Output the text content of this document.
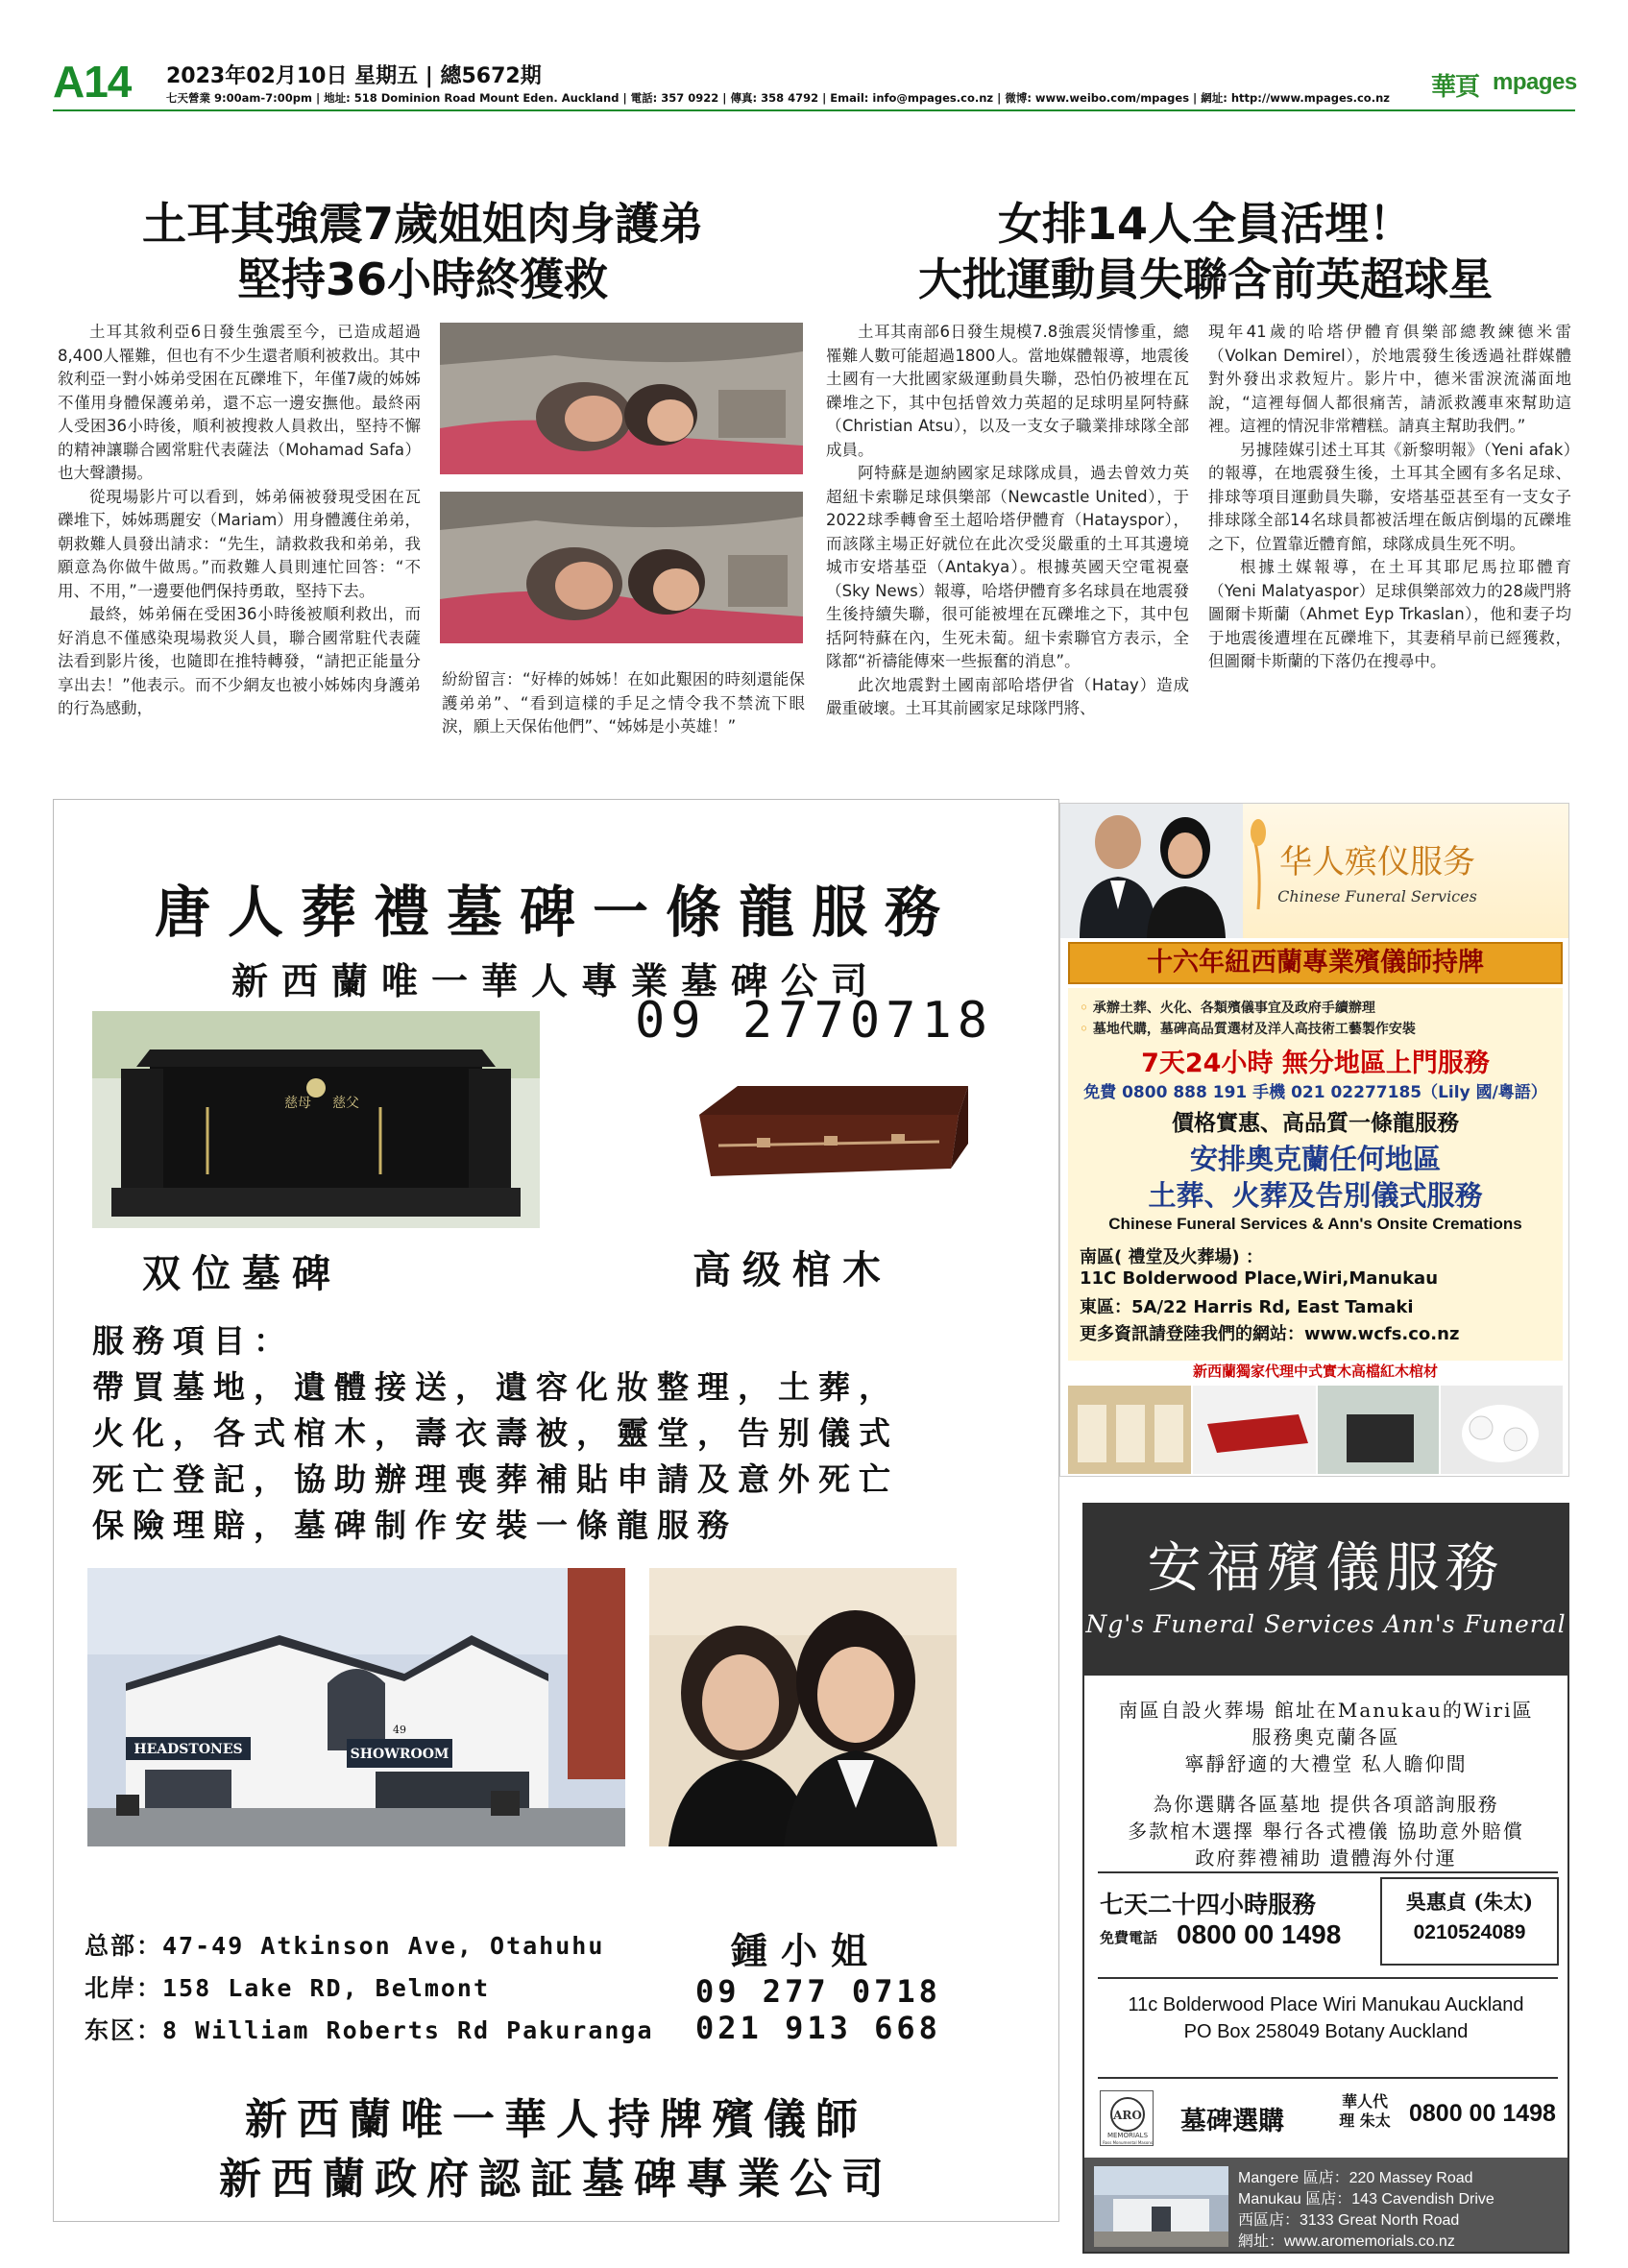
A14 2023年02月10日 星期五 | 總5672期
七天營業 9:00am-7:00pm | 地址: 518 Dominion Road Mount Eden. Auckland | 電話: 357 0922 | 傳真: 358 4792 | Email: info@mpages.co.nz | 微博: www.weibo.com/mpages | 網址: http://www.mpages.co.nz 華頁 mpages
土耳其強震7歲姐姐肉身護弟
堅持36小時終獲救

土耳其敘利亞6日發生強震至今，已造成超過8,400人罹難，但也有不少生還者順利被救出。其中敘利亞一對小姊弟受困在瓦礫堆下，年僅7歲的姊姊不僅用身體保護弟弟，還不忘一邊安撫他。最終兩人受困36小時後，順利被搜救人員救出，堅持不懈的精神讓聯合國常駐代表薩法（Mohamad Safa）也大聲讚揚。

從現場影片可以看到，姊弟倆被發現受困在瓦礫堆下，姊姊瑪麗安（Mariam）用身體護住弟弟，朝救難人員發出請求：“先生，請救救我和弟弟，我願意為你做牛做馬。”而救難人員則連忙回答：“不用、不用，”一邊要他們保持勇敢，堅持下去。

最終，姊弟倆在受困36小時後被順利救出，而好消息不僅感染現場救災人員，聯合國常駐代表薩法看到影片後，也隨即在推特轉發，“請把正能量分享出去！”他表示。而不少網友也被小姊姊肉身護弟的行為感動，

紛紛留言：“好棒的姊姊！在如此艱困的時刻還能保護弟弟”、“看到這樣的手足之情令我不禁流下眼淚，願上天保佑他們”、“姊姊是小英雄！”

女排14人全員活埋！
大批運動員失聯含前英超球星

土耳其南部6日發生規模7.8強震災情慘重，總罹難人數可能超過1800人。當地媒體報導，地震後土國有一大批國家級運動員失聯，恐怕仍被埋在瓦礫堆之下，其中包括曾效力英超的足球明星阿特蘇（Christian Atsu），以及一支女子職業排球隊全部成員。

阿特蘇是迦納國家足球隊成員，過去曾效力英超紐卡索聯足球俱樂部（Newcastle United），于2022球季轉會至土超哈塔伊體育（Hatayspor），而該隊主場正好就位在此次受災嚴重的土耳其邊境城市安塔基亞（Antakya）。根據英國天空電視臺（Sky News）報導，哈塔伊體育多名球員在地震發生後持續失聯，很可能被埋在瓦礫堆之下，其中包括阿特蘇在內，生死未蔔。紐卡索聯官方表示，全隊都“祈禱能傳來一些振奮的消息”。

此次地震對土國南部哈塔伊省（Hatay）造成嚴重破壞。土耳其前國家足球隊門將、

現年41歲的哈塔伊體育俱樂部總教練德米雷（Volkan Demirel），於地震發生後透過社群媒體對外發出求救短片。影片中，德米雷淚流滿面地說，“這裡每個人都很痛苦，請派救護車來幫助這裡。這裡的情況非常糟糕。請真主幫助我們。”

另據陸媒引述土耳其《新黎明報》（Yeni afak）的報導，在地震發生後，土耳其全國有多名足球、排球等項目運動員失聯，安塔基亞甚至有一支女子排球隊全部14名球員都被活埋在飯店倒塌的瓦礫堆之下，位置靠近體育館，球隊成員生死不明。

根據土媒報導，在土耳其耶尼馬拉耶體育（Yeni Malatyaspor）足球俱樂部效力的28歲門將圖爾卡斯蘭（Ahmet Eyp Trkaslan），他和妻子均于地震後遭埋在瓦礫堆下，其妻稍早前已經獲救，但圖爾卡斯蘭的下落仍在搜尋中。

唐人葬禮墓碑一條龍服務
新西蘭唯一華人專業墓碑公司
慈母 慈父
09 2770718
双位墓碑	高级棺木
服務項目：
帶買墓地，遺體接送，遺容化妝整理，土葬，
火化，各式棺木，壽衣壽被，靈堂，告别儀式
死亡登記，協助辦理喪葬補貼申請及意外死亡
保險理賠，墓碑制作安裝一條龍服務
HEADSTONES	SHOWROOM
49
总部：47-49 Atkinson Ave, Otahuhu
北岸：158 Lake RD, Belmont
东区：8 William Roberts Rd Pakuranga
鍾小姐
09 277 0718
021 913 668
新西蘭唯一華人持牌殯儀師
新西蘭政府認証墓碑專業公司
华人殡仪服务
Chinese Funeral Services
十六年紐西蘭專業殯儀師持牌
◦ 承辦土葬、火化、各類殯儀事宜及政府手續辦理
◦ 墓地代購，墓碑高品質選材及洋人高技術工藝製作安裝
7天24小時 無分地區上門服務
免費 0800 888 191 手機 021 02277185（Lily 國/粵語）
價格實惠、高品質一條龍服務
安排奧克蘭任何地區
土葬、火葬及告別儀式服務
Chinese Funeral Services & Ann's Onsite Cremations
南區( 禮堂及火葬場) ：
11C Bolderwood Place,Wiri,Manukau
東區：5A/22 Harris Rd, East Tamaki
更多資訊請登陸我們的網站：www.wcfs.co.nz
新西蘭獨家代理中式實木高檔紅木棺材
安福殯儀服務
Ng's Funeral Services Ann's Funeral
南區自設火葬場 館址在Manukau的Wiri區
服務奧克蘭各區
寧靜舒適的大禮堂 私人瞻仰間
為你選購各區墓地 提供各項諮詢服務
多款棺木選擇 舉行各式禮儀 協助意外賠償
政府葬禮補助 遺體海外付運
七天二十四小時服務
免費電話 0800 00 1498
吳惠貞 (朱太)
0210524089
11c Bolderwood Place Wiri Manukau Auckland
PO Box 258049 Botany Auckland
ARO
MEMORIALS
Ross Monumental Masons
墓碑選購
華人代理 朱太 0800 00 1498
Mangere 區店：220 Massey Road
Manukau 區店：143 Cavendish Drive
西區店：3133 Great North Road
網址：www.aromemorials.co.nz
